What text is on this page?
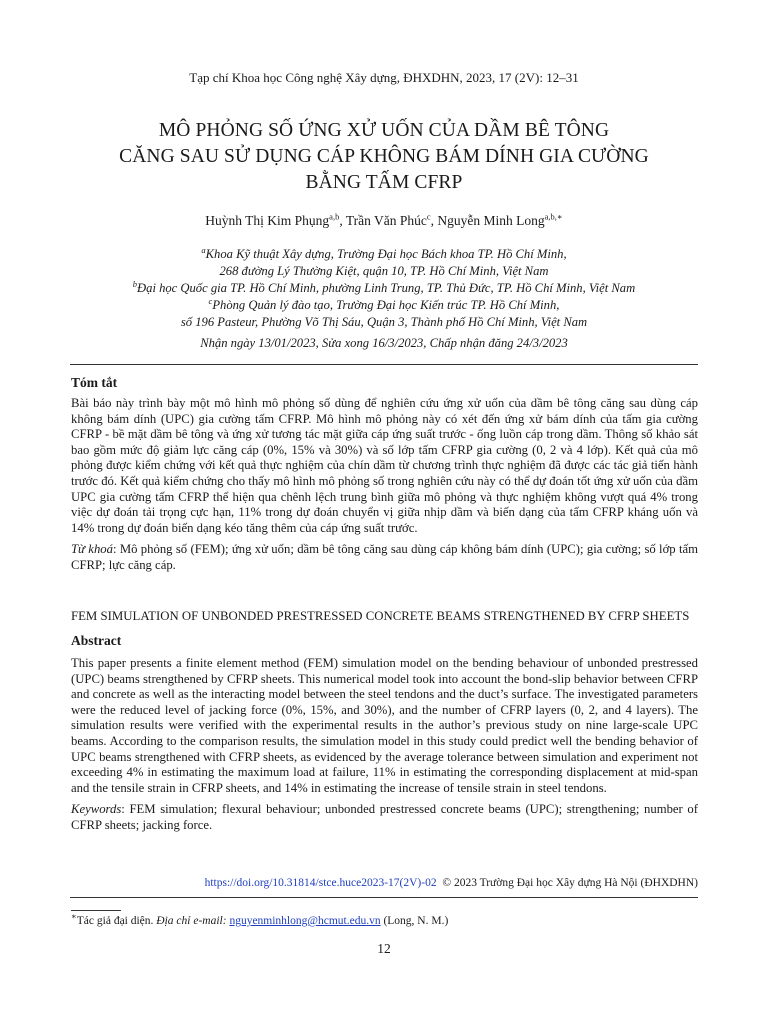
Tạp chí Khoa học Công nghệ Xây dựng, ĐHXDHN, 2023, 17 (2V): 12–31
MÔ PHỎNG SỐ ỨNG XỬ UỐN CỦA DẦM BÊ TÔNG
CĂNG SAU SỬ DỤNG CÁP KHÔNG BÁM DÍNH GIA CƯỜNG
BẰNG TẤM CFRP
Huỳnh Thị Kim Phụng$^{a,b}$, Trần Văn Phúc$^c$, Nguyễn Minh Long$^{a,b,∗}$
$^a$Khoa Kỹ thuật Xây dựng, Trường Đại học Bách khoa TP. Hồ Chí Minh,
268 đường Lý Thường Kiệt, quận 10, TP. Hồ Chí Minh, Việt Nam
$^b$Đại học Quốc gia TP. Hồ Chí Minh, phường Linh Trung, TP. Thủ Đức, TP. Hồ Chí Minh, Việt Nam
$^c$Phòng Quản lý đào tạo, Trường Đại học Kiến trúc TP. Hồ Chí Minh,
số 196 Pasteur, Phường Võ Thị Sáu, Quận 3, Thành phố Hồ Chí Minh, Việt Nam
Nhận ngày 13/01/2023, Sửa xong 16/3/2023, Chấp nhận đăng 24/3/2023
Tóm tắt
Bài báo này trình bày một mô hình mô phỏng số dùng để nghiên cứu ứng xử uốn của dầm bê tông căng sau dùng cáp không bám dính (UPC) gia cường tấm CFRP. Mô hình mô phỏng này có xét đến ứng xử bám dính của tấm gia cường CFRP - bề mặt dầm bê tông và ứng xử tương tác mặt giữa cáp ứng suất trước - ống luồn cáp trong dầm. Thông số khảo sát bao gồm mức độ giảm lực căng cáp (0%, 15% và 30%) và số lớp tấm CFRP gia cường (0, 2 và 4 lớp). Kết quả của mô phỏng được kiểm chứng với kết quả thực nghiệm của chín dầm từ chương trình thực nghiệm đã được các tác giả tiến hành trước đó. Kết quả kiểm chứng cho thấy mô hình mô phỏng số trong nghiên cứu này có thể dự đoán tốt ứng xử uốn của dầm UPC gia cường tấm CFRP thể hiện qua chênh lệch trung bình giữa mô phỏng và thực nghiệm không vượt quá 4% trong việc dự đoán tải trọng cực hạn, 11% trong dự đoán chuyển vị giữa nhịp dầm và biến dạng của tấm CFRP kháng uốn và 14% trong dự đoán biến dạng kéo tăng thêm của cáp ứng suất trước.
Từ khoá: Mô phỏng số (FEM); ứng xử uốn; dầm bê tông căng sau dùng cáp không bám dính (UPC); gia cường; số lớp tấm CFRP; lực căng cáp.
FEM SIMULATION OF UNBONDED PRESTRESSED CONCRETE BEAMS STRENGTHENED BY CFRP SHEETS
Abstract
This paper presents a finite element method (FEM) simulation model on the bending behaviour of unbonded prestressed (UPC) beams strengthened by CFRP sheets. This numerical model took into account the bond-slip behavior between CFRP and concrete as well as the interacting model between the steel tendons and the duct’s surface. The investigated parameters were the reduced level of jacking force (0%, 15%, and 30%), and the number of CFRP layers (0, 2, and 4 layers). The simulation results were verified with the experimental results in the author’s previous study on nine large-scale UPC beams. According to the comparison results, the simulation model in this study could predict well the bending behavior of UPC beams strengthened with CFRP sheets, as evidenced by the average tolerance between simulation and experiment not exceeding 4% in estimating the maximum load at failure, 11% in estimating the corresponding displacement at mid-span and the tensile strain in CFRP sheets, and 14% in estimating the increase of tensile strain in steel tendons.
Keywords: FEM simulation; flexural behaviour; unbonded prestressed concrete beams (UPC); strengthening; number of CFRP sheets; jacking force.
https://doi.org/10.31814/stce.huce2023-17(2V)-02 © 2023 Trường Đại học Xây dựng Hà Nội (ĐHXDHN)
∗Tác giả đại diện. Địa chỉ e-mail: nguyenminhlong@hcmut.edu.vn (Long, N. M.)
12
